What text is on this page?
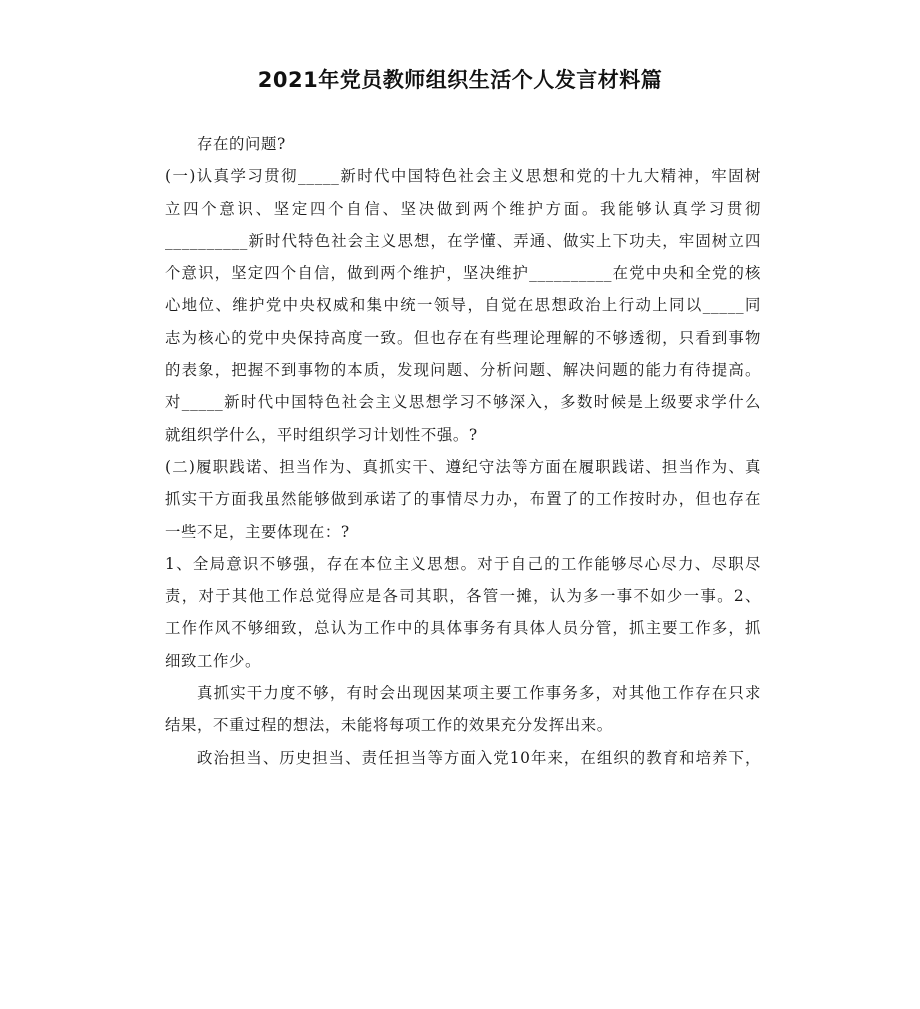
2021年党员教师组织生活个人发言材料篇
存在的问题?
(一)认真学习贯彻_____新时代中国特色社会主义思想和党的十九大精神，牢固树
立四个意识、坚定四个自信、坚决做到两个维护方面。我能够认真学习贯彻
__________新时代特色社会主义思想，在学懂、弄通、做实上下功夫，牢固树立四
个意识，坚定四个自信，做到两个维护，坚决维护__________在党中央和全党的核
心地位、维护党中央权威和集中统一领导，自觉在思想政治上行动上同以_____同
志为核心的党中央保持高度一致。但也存在有些理论理解的不够透彻，只看到事物
的表象，把握不到事物的本质，发现问题、分析问题、解决问题的能力有待提高。
对_____新时代中国特色社会主义思想学习不够深入，多数时候是上级要求学什么
就组织学什么，平时组织学习计划性不强。?
(二)履职践诺、担当作为、真抓实干、遵纪守法等方面在履职践诺、担当作为、真
抓实干方面我虽然能够做到承诺了的事情尽力办，布置了的工作按时办，但也存在
一些不足，主要体现在：?
1、全局意识不够强，存在本位主义思想。对于自己的工作能够尽心尽力、尽职尽
责，对于其他工作总觉得应是各司其职，各管一摊，认为多一事不如少一事。2、
工作作风不够细致，总认为工作中的具体事务有具体人员分管，抓主要工作多，抓
细致工作少。
真抓实干力度不够，有时会出现因某项主要工作事务多，对其他工作存在只求
结果，不重过程的想法，未能将每项工作的效果充分发挥出来。
政治担当、历史担当、责任担当等方面入党10年来，在组织的教育和培养下，
